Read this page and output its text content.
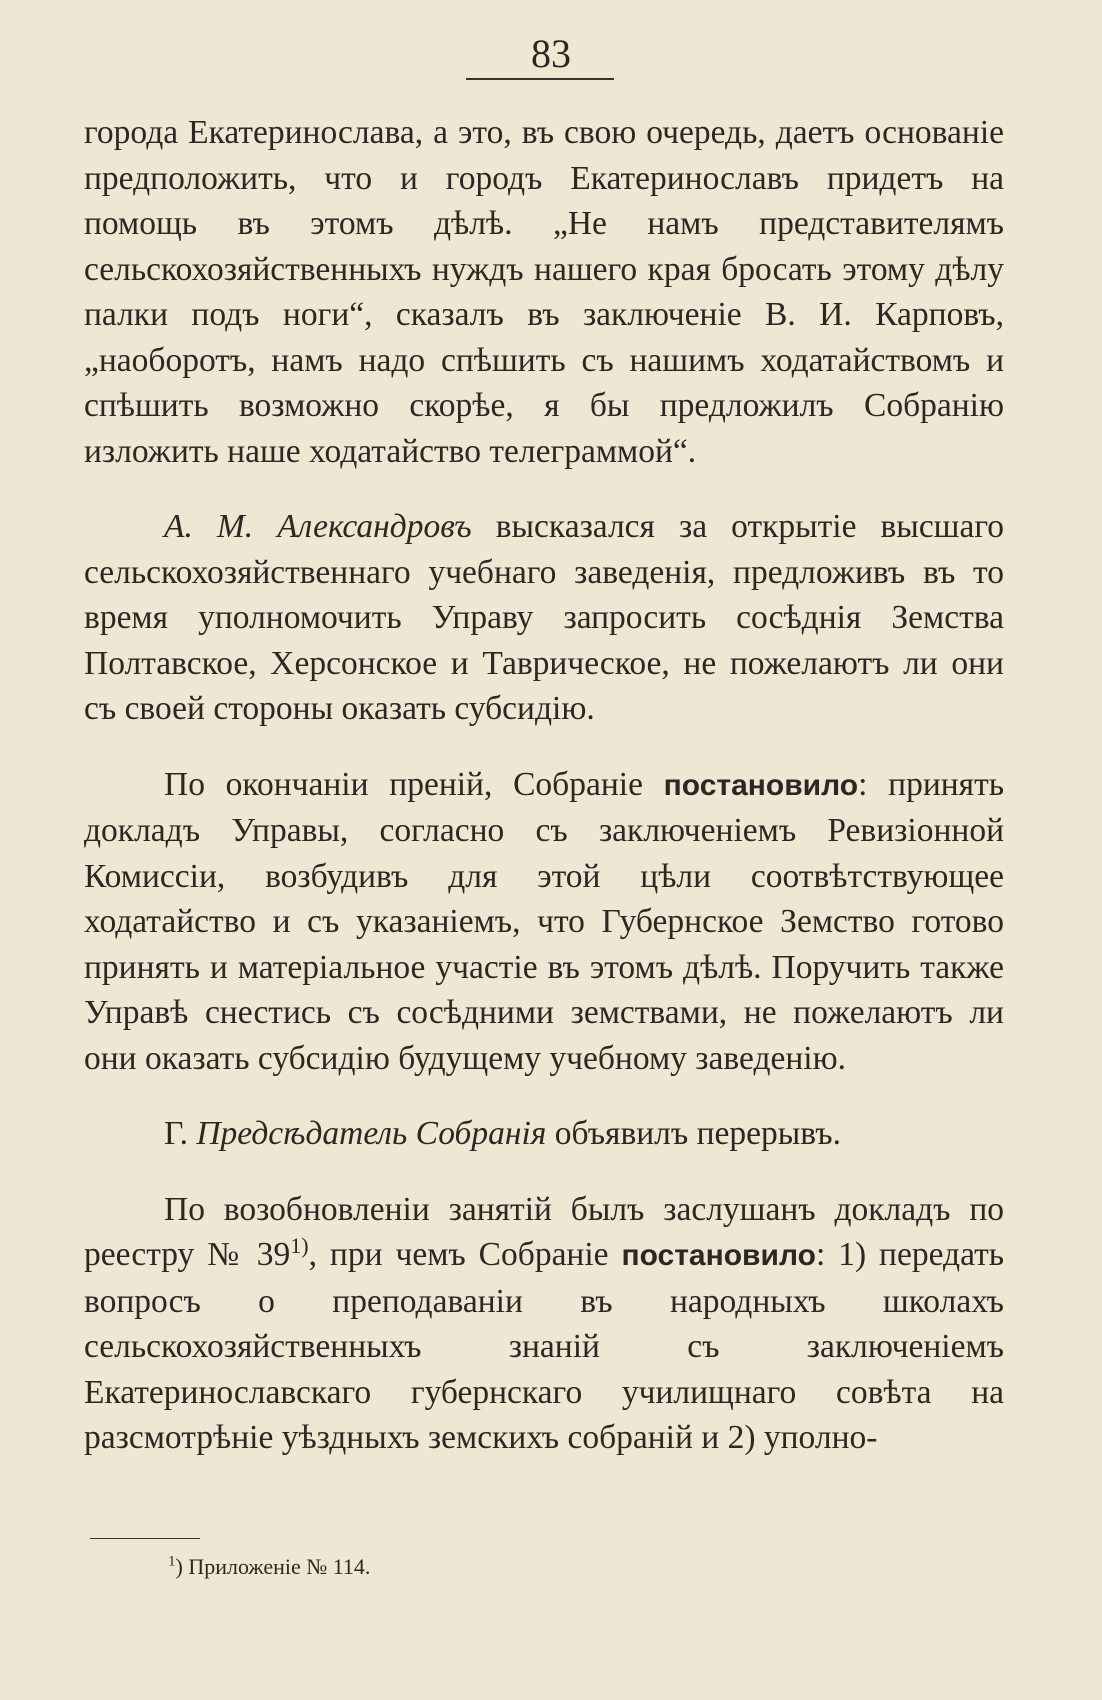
83

города Екатеринослава, а это, въ свою очередь, даетъ основанiе предположить, что и городъ Екатеринославъ придетъ на помощь въ этомъ дѣлѣ. „Не намъ представителямъ сельскохозяйственныхъ нуждъ нашего края бросать этому дѣлу палки подъ ноги“, сказалъ въ заключенiе В. И. Карповъ, „наоборотъ, намъ надо спѣшить съ нашимъ ходатайствомъ и спѣшить возможно скорѣе, я бы предложилъ Собранiю изложить наше ходатайство телеграммой“.

А. М. Александровъ высказался за открытiе высшаго сельскохозяйственнаго учебнаго заведенiя, предложивъ въ то время уполномочить Управу запросить сосѣднiя Земства Полтавское, Херсонское и Таврическое, не пожелаютъ ли они съ своей стороны оказать субсидiю.

По окончанiи пренiй, Собранiе постановило: принять докладъ Управы, согласно съ заключенiемъ Ревизiонной Комиссiи, возбудивъ для этой цѣли соотвѣтствующее ходатайство и съ указанiемъ, что Губернское Земство готово принять и матерiальное участiе въ этомъ дѣлѣ. Поручить также Управѣ снестись съ сосѣдними земствами, не пожелаютъ ли они оказать субсидiю будущему учебному заведенiю.

Г. Предсѣдатель Собранiя объявилъ перерывъ.

По возобновленiи занятiй былъ заслушанъ докладъ по реестру № 39$^{1)}$, при чемъ Собранiе постановило: 1) передать вопросъ о преподаванiи въ народныхъ школахъ сельскохозяйственныхъ знанiй съ заключенiемъ Екатеринославскаго губернскаго училищнаго совѣта на разсмотрѣнiе уѣздныхъ земскихъ собранiй и 2) уполно-

$^1$) Приложенiе № 114.
